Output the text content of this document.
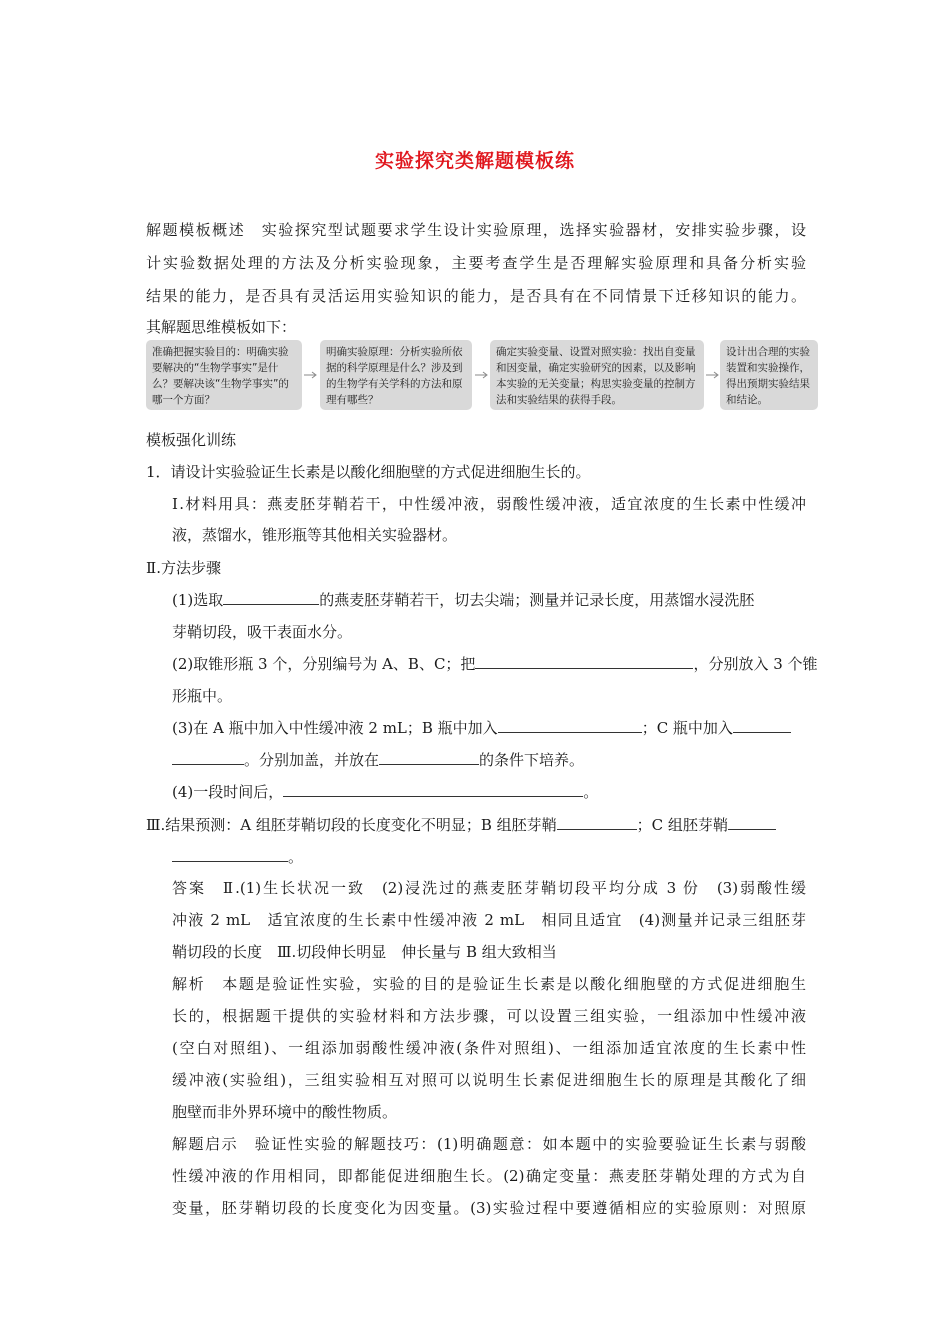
实验探究类解题模板练
解题模板概述　实验探究型试题要求学生设计实验原理，选择实验器材，安排实验步骤，设
计实验数据处理的方法及分析实验现象，主要考查学生是否理解实验原理和具备分析实验
结果的能力，是否具有灵活运用实验知识的能力，是否具有在不同情景下迁移知识的能力。
其解题思维模板如下：
准确把握实验目的：明确实验要解决的“生物学事实”是什么？要解决该“生物学事实”的哪一个方面？
明确实验原理：分析实验所依据的科学原理是什么？涉及到的生物学有关学科的方法和原理有哪些？
确定实验变量、设置对照实验：找出自变量和因变量，确定实验研究的因素，以及影响本实验的无关变量；构思实验变量的控制方法和实验结果的获得手段。
设计出合理的实验装置和实验操作，得出预期实验结果和结论。
模板强化训练
1．请设计实验验证生长素是以酸化细胞壁的方式促进细胞生长的。
Ⅰ.材料用具：燕麦胚芽鞘若干，中性缓冲液，弱酸性缓冲液，适宜浓度的生长素中性缓冲
液，蒸馏水，锥形瓶等其他相关实验器材。
Ⅱ.方法步骤
(1)选取	的燕麦胚芽鞘若干，切去尖端；测量并记录长度，用蒸馏水浸洗胚
芽鞘切段，吸干表面水分。
(2)取锥形瓶 3 个，分别编号为 A、B、C；把	，分别放入 3 个锥
形瓶中。
(3)在 A 瓶中加入中性缓冲液 2 mL；B 瓶中加入	；C 瓶中加入
。分别加盖，并放在	的条件下培养。
(4)一段时间后，	。
Ⅲ.结果预测：A 组胚芽鞘切段的长度变化不明显；B 组胚芽鞘	；C 组胚芽鞘
。
答案　Ⅱ.(1)生长状况一致　(2)浸洗过的燕麦胚芽鞘切段平均分成 3 份　(3)弱酸性缓
冲液 2 mL　适宜浓度的生长素中性缓冲液 2 mL　相同且适宜　(4)测量并记录三组胚芽
鞘切段的长度　Ⅲ.切段伸长明显　伸长量与 B 组大致相当
解析　本题是验证性实验，实验的目的是验证生长素是以酸化细胞壁的方式促进细胞生
长的，根据题干提供的实验材料和方法步骤，可以设置三组实验，一组添加中性缓冲液
(空白对照组)、一组添加弱酸性缓冲液(条件对照组)、一组添加适宜浓度的生长素中性
缓冲液(实验组)，三组实验相互对照可以说明生长素促进细胞生长的原理是其酸化了细
胞壁而非外界环境中的酸性物质。
解题启示　验证性实验的解题技巧：(1)明确题意：如本题中的实验要验证生长素与弱酸
性缓冲液的作用相同，即都能促进细胞生长。(2)确定变量：燕麦胚芽鞘处理的方式为自
变量，胚芽鞘切段的长度变化为因变量。(3)实验过程中要遵循相应的实验原则：对照原
